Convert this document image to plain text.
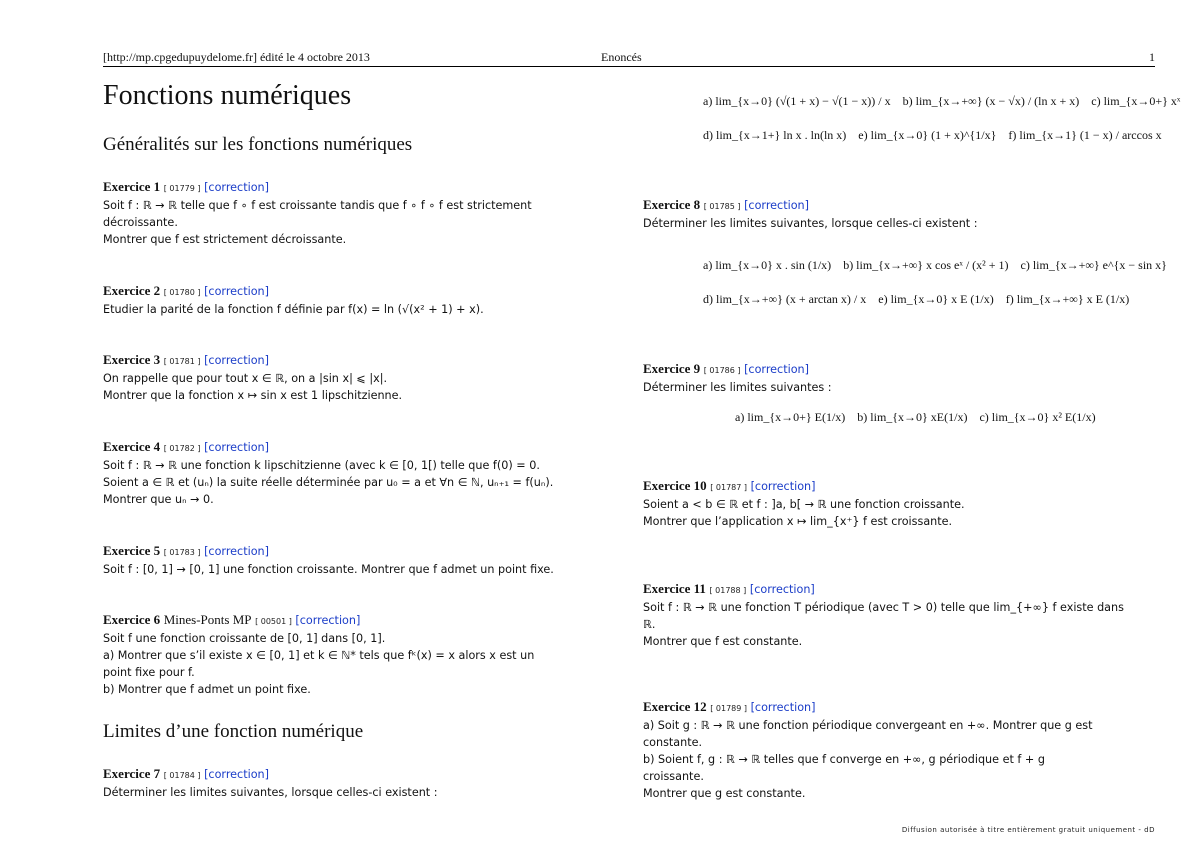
[http://mp.cpgedupuydelome.fr] édité le 4 octobre 2013	Enoncés	1
Fonctions numériques
Généralités sur les fonctions numériques
Limites d’une fonction numérique
Exercice 1 [ 01779 ] [correction]
Soit f : ℝ → ℝ telle que f ∘ f est croissante tandis que f ∘ f ∘ f est strictement
décroissante.
Montrer que f est strictement décroissante.
Exercice 2 [ 01780 ] [correction]
Etudier la parité de la fonction f définie par f(x) = ln (√(x² + 1) + x).
Exercice 3 [ 01781 ] [correction]
On rappelle que pour tout x ∈ ℝ, on a |sin x| ⩽ |x|.
Montrer que la fonction x ↦ sin x est 1 lipschitzienne.
Exercice 4 [ 01782 ] [correction]
Soit f : ℝ → ℝ une fonction k lipschitzienne (avec k ∈ [0, 1[) telle que f(0) = 0.
Soient a ∈ ℝ et (uₙ) la suite réelle déterminée par u₀ = a et ∀n ∈ ℕ, uₙ₊₁ = f(uₙ).
Montrer que uₙ → 0.
Exercice 5 [ 01783 ] [correction]
Soit f : [0, 1] → [0, 1] une fonction croissante. Montrer que f admet un point fixe.
Exercice 6 Mines-Ponts MP [ 00501 ] [correction]
Soit f une fonction croissante de [0, 1] dans [0, 1].
a) Montrer que s’il existe x ∈ [0, 1] et k ∈ ℕ* tels que fᵏ(x) = x alors x est un
point fixe pour f.
b) Montrer que f admet un point fixe.
Exercice 7 [ 01784 ] [correction]
Déterminer les limites suivantes, lorsque celles-ci existent :
a) lim_{x→0} (√(1 + x) − √(1 − x)) / x b) lim_{x→+∞} (x − √x) / (ln x + x) c) lim_{x→0+} xˣ
d) lim_{x→1+} ln x . ln(ln x) e) lim_{x→0} (1 + x)^{1/x} f) lim_{x→1} (1 − x) / arccos x
Exercice 8 [ 01785 ] [correction]
Déterminer les limites suivantes, lorsque celles-ci existent :
a) lim_{x→0} x . sin (1/x) b) lim_{x→+∞} x cos eˣ / (x² + 1) c) lim_{x→+∞} e^{x − sin x}
d) lim_{x→+∞} (x + arctan x) / x e) lim_{x→0} x E (1/x) f) lim_{x→+∞} x E (1/x)
Exercice 9 [ 01786 ] [correction]
Déterminer les limites suivantes :
a) lim_{x→0+} E(1/x) b) lim_{x→0} xE(1/x) c) lim_{x→0} x² E(1/x)
Exercice 10 [ 01787 ] [correction]
Soient a < b ∈ ℝ et f : ]a, b[ → ℝ une fonction croissante.
Montrer que l’application x ↦ lim_{x⁺} f est croissante.
Exercice 11 [ 01788 ] [correction]
Soit f : ℝ → ℝ une fonction T périodique (avec T > 0) telle que lim_{+∞} f existe dans
ℝ.
Montrer que f est constante.
Exercice 12 [ 01789 ] [correction]
a) Soit g : ℝ → ℝ une fonction périodique convergeant en +∞. Montrer que g est
constante.
b) Soient f, g : ℝ → ℝ telles que f converge en +∞, g périodique et f + g
croissante.
Montrer que g est constante.
Diffusion autorisée à titre entièrement gratuit uniquement - dD
